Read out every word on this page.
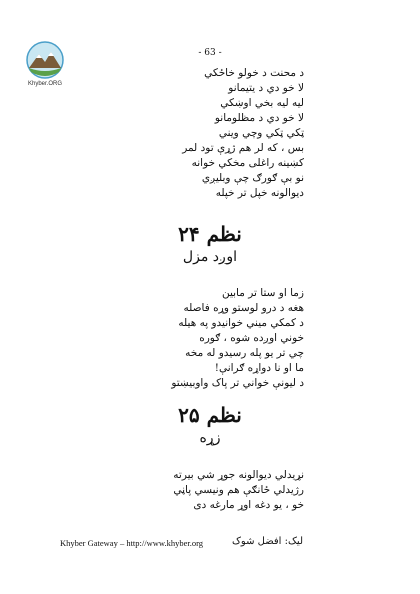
Khyber.ORG
- 63 -
د محنت د خولو خاځکي
لا خو دي د يتيمانو
ليه ليه بخي اوښکي
لا خو دي د مظلومانو
ټکي ټکي وچي ويني
بس ، که لر هم ژړې تود لمر
کښينه راغلی مخکي خوانه
نو بې ګورګ چې وبليږي
ديوالونه خپل تر خپله
نظم ۲۴
اوږد مزل
زما او ستا تر مابين
هغه د درو لوستو وړه فاصله
د کمکي ميني خوانيدو په هيله
خوني اوږده شوه ، ګوره
چي تر يو پله رسيدو له مخه
ما او نا دواړه ګرانې!
د ليونې خواني تر پاک واوبيښتو
نظم ۲۵
زړه
نړيدلي ديوالونه جوړ شي بيرته
رژيدلي ځانګې هم ونيسي پاڼي
خو ، يو دغه اوړ مارغه دی
Khyber Gateway – http://www.khyber.org	ليک: افضل شوک
